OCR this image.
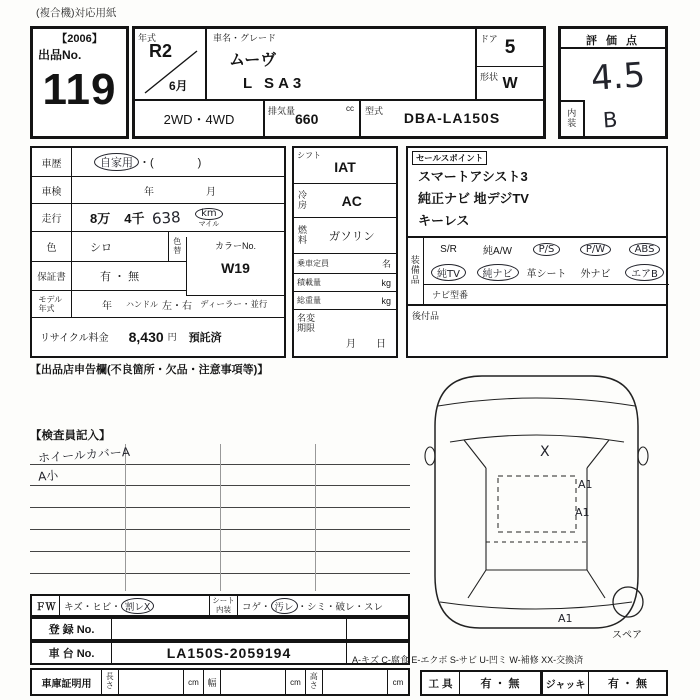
(複合機)対応用紙
【2006】
出品No.
119
年式
R2
6月
車名・グレード
ムーヴ
L SA3
ドア 5
形状 W
2WD・4WD
排気量 660
cc	型式	DBA-LA150S
評 価 点
4.5
内装 B
車歴	自家用 ・(　　　　)
車検	年	月
走行	8万 4千 638	km
マイル
色	シロ
色替
保証書	有 ・ 無
カラーNo.
W19
モデル年式	年 ハンドル 左・右 ディーラー・並行
リサイクル料金 8,430 円 預託済
シフト
IAT
冷房	AC
燃料	ガソリン
乗車定員	名
積載量	kg
総重量	kg
名変期限
月　　日
セールスポイント
スマートアシスト3
純正ナビ 地デジTV
キーレス
装備品
S/R	純A/W	P/S	P/W	ABS
純TV	純ナビ	革シート	外ナビ	エアB
ナビ型番
後付品
【出品店申告欄(不良箇所・欠品・注意事項等)】
【検査員記入】
ホイールカバーA
A小
X
A1
A1
A1
スペア
ＦＷ キズ・ヒビ・ 割レX
シート
内装 コゲ・ 汚レ ・シミ・破レ・スレ
登 録 No.
車 台 No.	LA150S-2059194
車庫証明用
長さ	cm 幅	cm
高さ	cm
A-キズ C-腐食 E-エクボ S-サビ U-凹ミ W-補修 XX-交換済
工 具	有 ・ 無	ジャッキ	有 ・ 無
